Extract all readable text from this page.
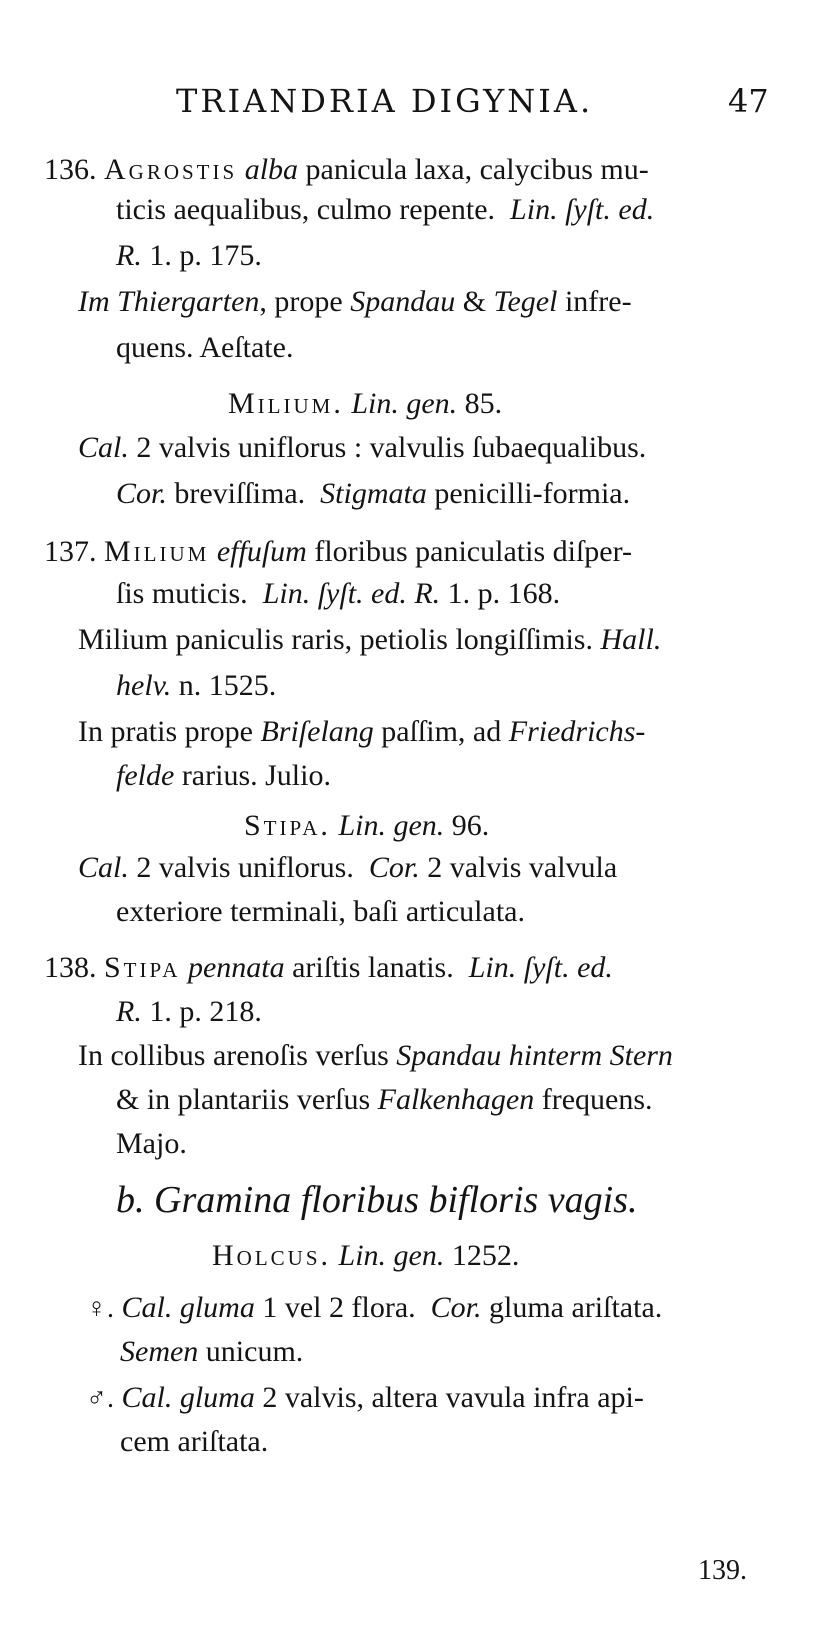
TRIANDRIA DIGYNIA.	47
136. Agrostis alba panicula laxa, calycibus mu-
ticis aequalibus, culmo repente. Lin. ſyſt. ed.
R. 1. p. 175.
Im Thiergarten, prope Spandau & Tegel infre-
quens. Aeſtate.
Milium. Lin. gen. 85.
Cal. 2 valvis uniflorus : valvulis ſubaequalibus.
Cor. breviſſima. Stigmata penicilli-formia.
137. Milium effuſum floribus paniculatis diſper-
ſis muticis. Lin. ſyſt. ed. R. 1. p. 168.
Milium paniculis raris, petiolis longiſſimis. Hall.
helv. n. 1525.
In pratis prope Briſelang paſſim, ad Friedrichs-
felde rarius. Julio.
Stipa. Lin. gen. 96.
Cal. 2 valvis uniflorus. Cor. 2 valvis valvula
exteriore terminali, baſi articulata.
138. Stipa pennata ariſtis lanatis. Lin. ſyſt. ed.
R. 1. p. 218.
In collibus arenoſis verſus Spandau hinterm Stern
& in plantariis verſus Falkenhagen frequens.
Majo.
b. Gramina floribus bifloris vagis.
Holcus. Lin. gen. 1252.
♀. Cal. gluma 1 vel 2 flora. Cor. gluma ariſtata.
Semen unicum.
♂. Cal. gluma 2 valvis, altera vavula infra api-
cem ariſtata.
139.
